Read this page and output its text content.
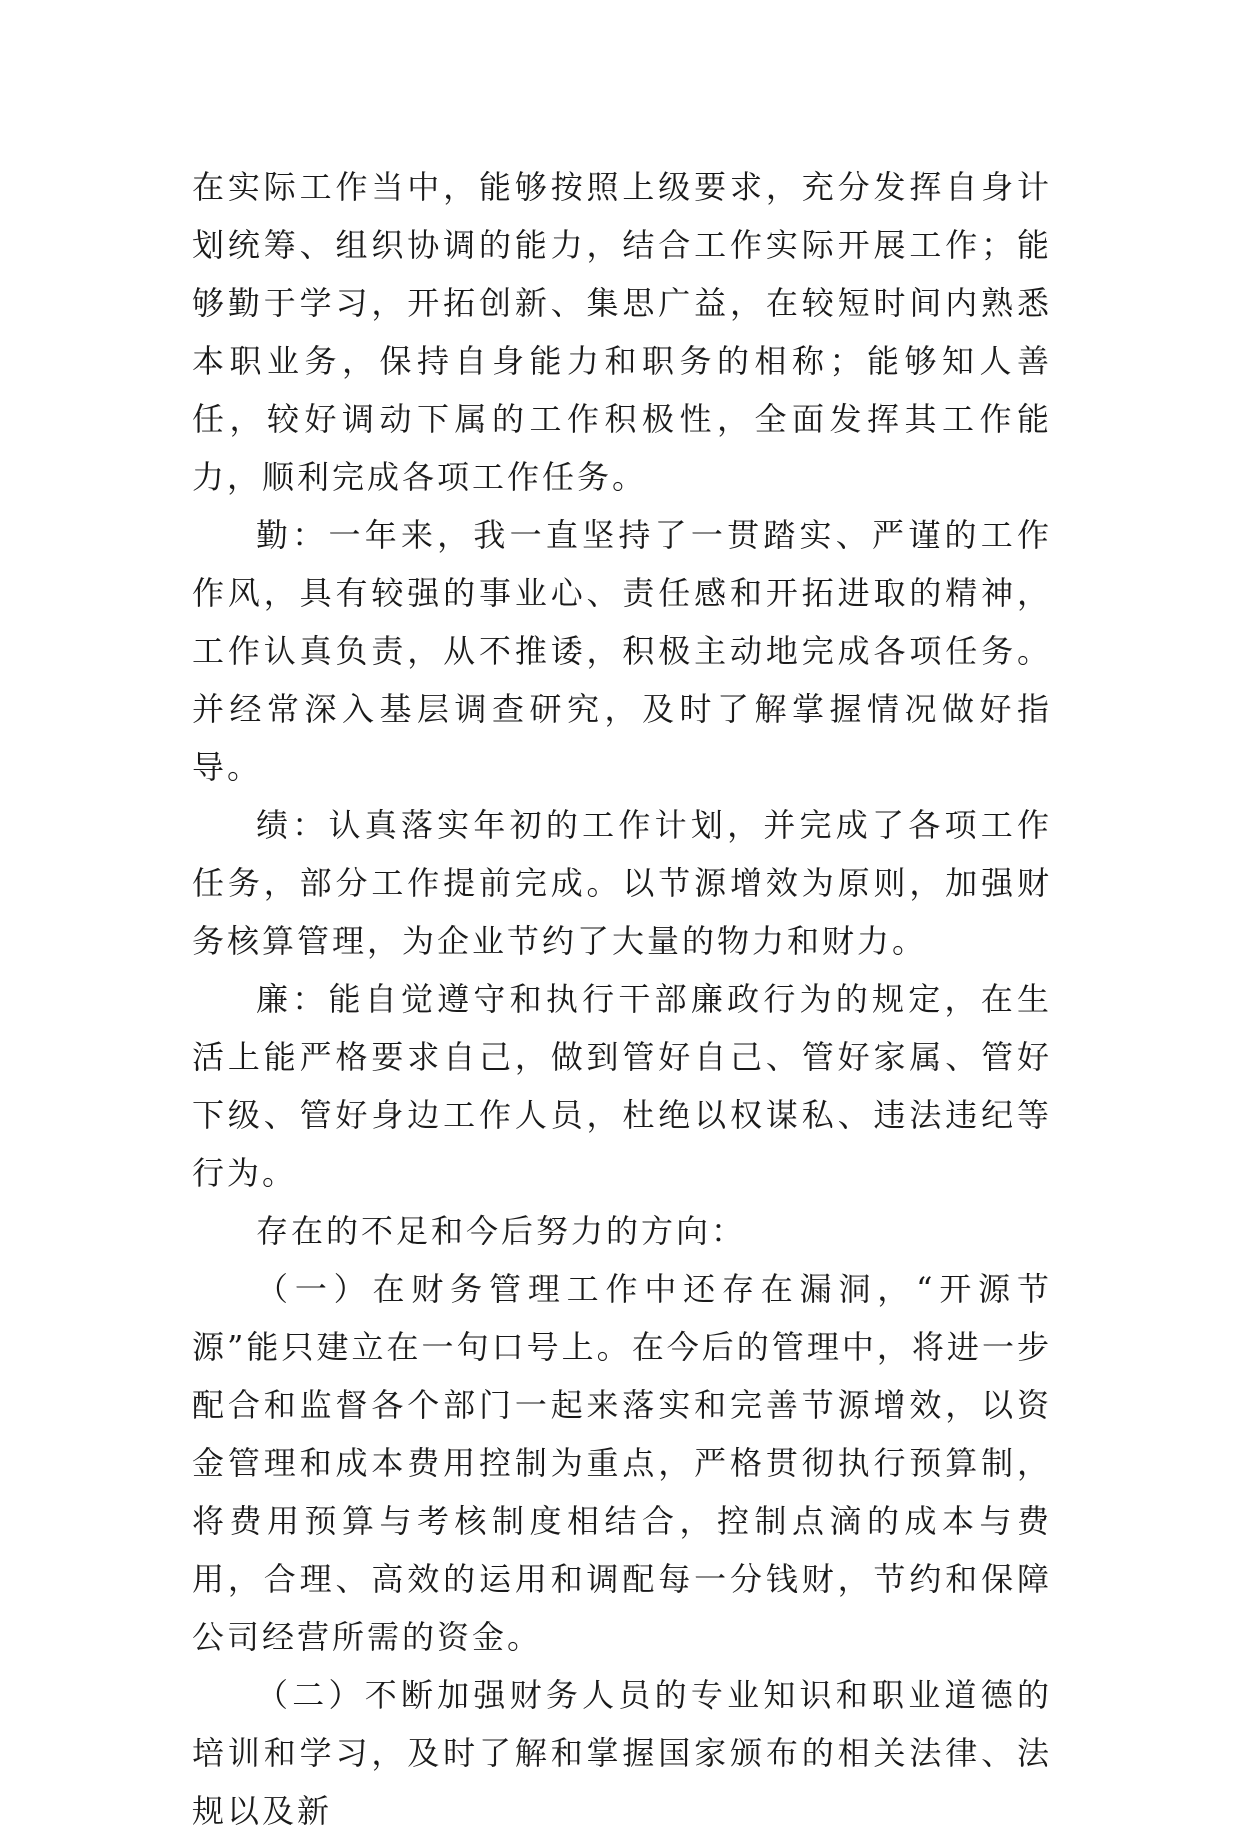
在实际工作当中，能够按照上级要求，充分发挥自身计划统筹、组织协调的能力，结合工作实际开展工作；能够勤于学习，开拓创新、集思广益，在较短时间内熟悉本职业务，保持自身能力和职务的相称；能够知人善任，较好调动下属的工作积极性，全面发挥其工作能力，顺利完成各项工作任务。

勤：一年来，我一直坚持了一贯踏实、严谨的工作作风，具有较强的事业心、责任感和开拓进取的精神，工作认真负责，从不推诿，积极主动地完成各项任务。并经常深入基层调查研究，及时了解掌握情况做好指导。

绩：认真落实年初的工作计划，并完成了各项工作任务，部分工作提前完成。以节源增效为原则，加强财务核算管理，为企业节约了大量的物力和财力。

廉：能自觉遵守和执行干部廉政行为的规定，在生活上能严格要求自己，做到管好自己、管好家属、管好下级、管好身边工作人员，杜绝以权谋私、违法违纪等行为。

存在的不足和今后努力的方向：

（一）在财务管理工作中还存在漏洞，“开源节源”能只建立在一句口号上。在今后的管理中，将进一步配合和监督各个部门一起来落实和完善节源增效，以资金管理和成本费用控制为重点，严格贯彻执行预算制，将费用预算与考核制度相结合，控制点滴的成本与费用，合理、高效的运用和调配每一分钱财，节约和保障公司经营所需的资金。

（二）不断加强财务人员的专业知识和职业道德的培训和学习，及时了解和掌握国家颁布的相关法律、法规以及新
